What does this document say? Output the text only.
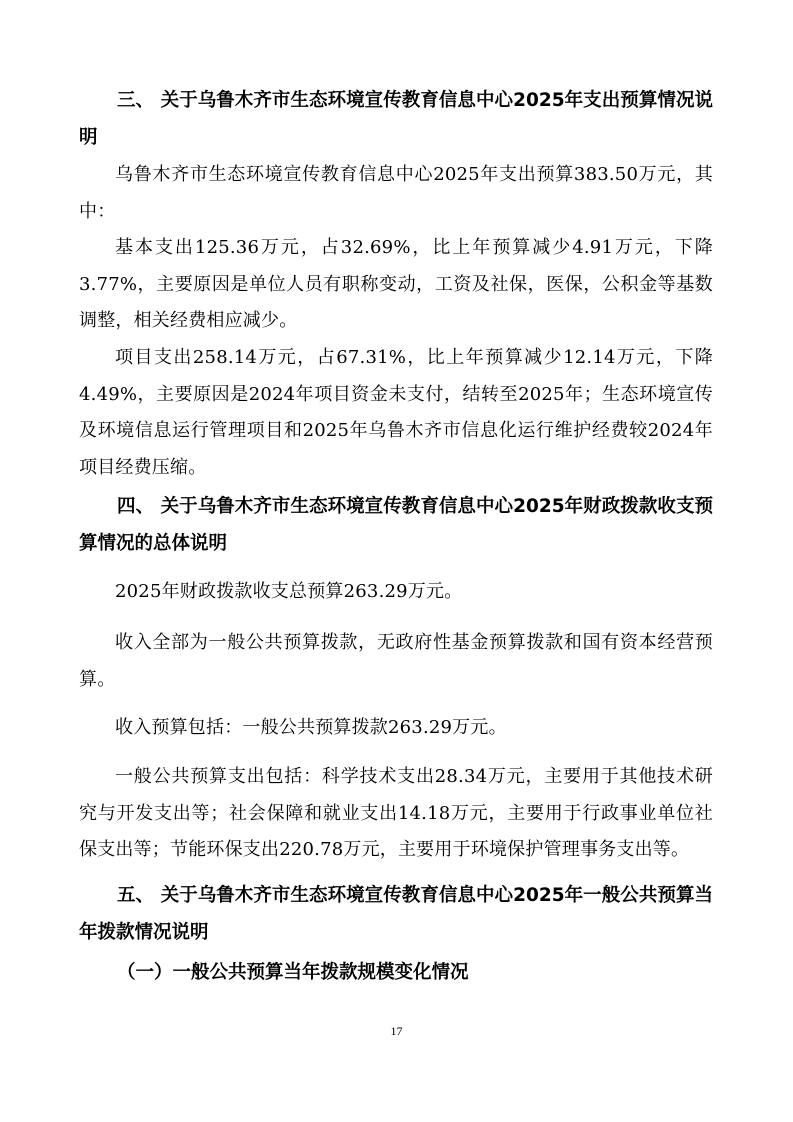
三、 关于乌鲁木齐市生态环境宣传教育信息中心2025年支出预算情况说明
乌鲁木齐市生态环境宣传教育信息中心2025年支出预算383.50万元，其中：
基本支出125.36万元，占32.69%，比上年预算减少4.91万元，下降3.77%，主要原因是单位人员有职称变动，工资及社保，医保，公积金等基数调整，相关经费相应减少。
项目支出258.14万元，占67.31%，比上年预算减少12.14万元，下降4.49%，主要原因是2024年项目资金未支付，结转至2025年；生态环境宣传及环境信息运行管理项目和2025年乌鲁木齐市信息化运行维护经费较2024年项目经费压缩。
四、 关于乌鲁木齐市生态环境宣传教育信息中心2025年财政拨款收支预算情况的总体说明
2025年财政拨款收支总预算263.29万元。
收入全部为一般公共预算拨款，无政府性基金预算拨款和国有资本经营预算。
收入预算包括：一般公共预算拨款263.29万元。
一般公共预算支出包括：科学技术支出28.34万元，主要用于其他技术研究与开发支出等；社会保障和就业支出14.18万元，主要用于行政事业单位社保支出等；节能环保支出220.78万元，主要用于环境保护管理事务支出等。
五、 关于乌鲁木齐市生态环境宣传教育信息中心2025年一般公共预算当年拨款情况说明
（一）一般公共预算当年拨款规模变化情况
17
